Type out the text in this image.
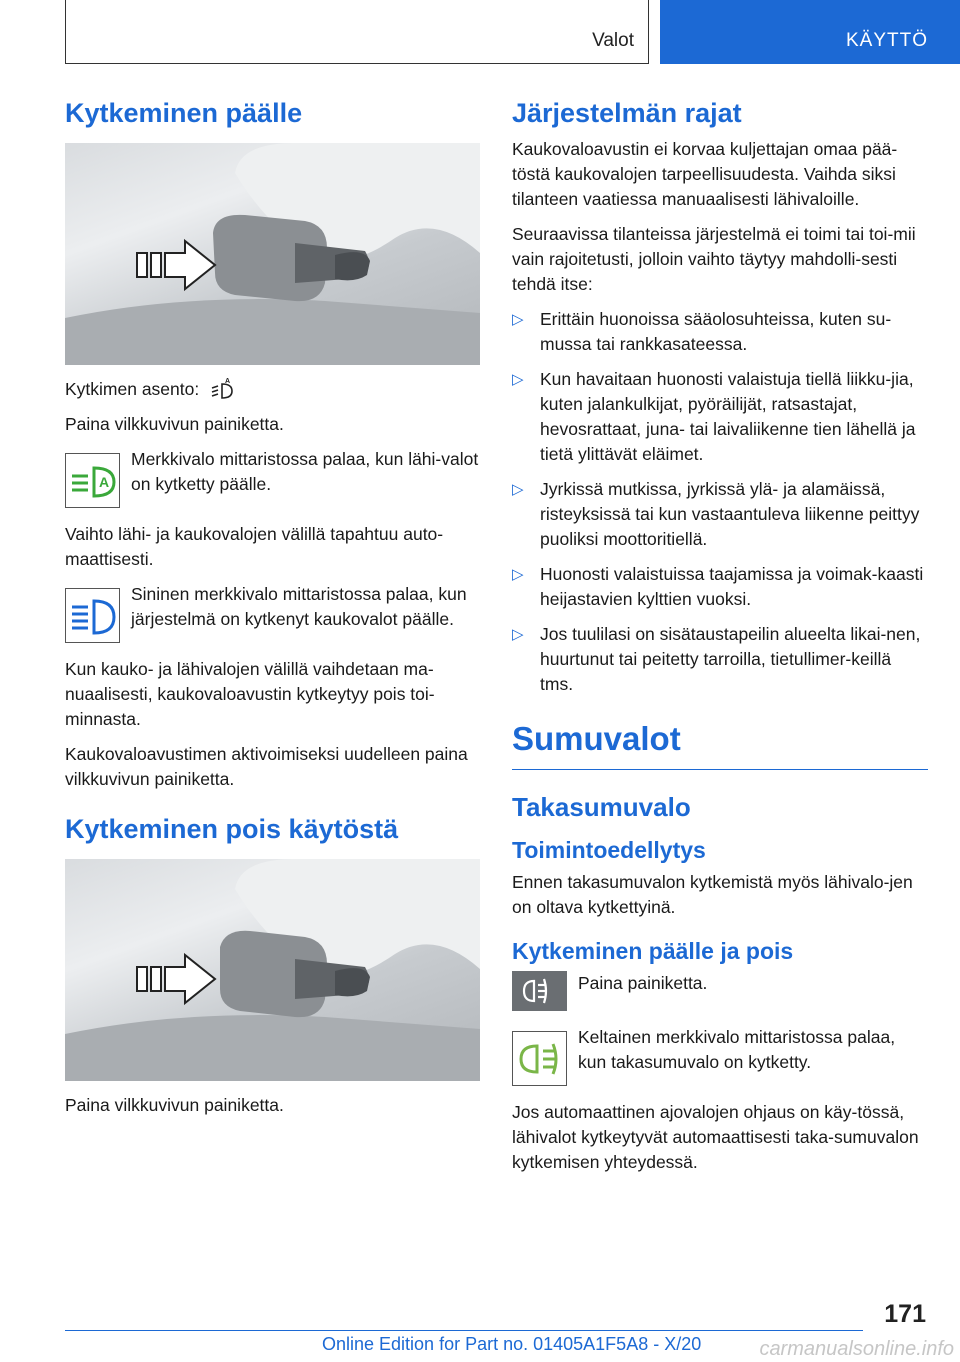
Valot	KÄYTTÖ
Kytkeminen päälle

Kytkimen asento:	A

Paina vilkkuvivun painiketta.

A

Merkkivalo mittaristossa palaa, kun lähi-valot on kytketty päälle.

Vaihto lähi- ja kaukovalojen välillä tapahtuu auto-maattisesti.

Sininen merkkivalo mittaristossa palaa, kun järjestelmä on kytkenyt kaukovalot päälle.

Kun kauko- ja lähivalojen välillä vaihdetaan ma-nuaalisesti, kaukovaloavustin kytkeytyy pois toi-minnasta.

Kaukovaloavustimen aktivoimiseksi uudelleen paina vilkkuvivun painiketta.

Kytkeminen pois käytöstä

Paina vilkkuvivun painiketta.

Järjestelmän rajat

Kaukovaloavustin ei korvaa kuljettajan omaa pää-töstä kaukovalojen tarpeellisuudesta. Vaihda siksi tilanteen vaatiessa manuaalisesti lähivaloille.

Seuraavissa tilanteissa järjestelmä ei toimi tai toi-mii vain rajoitetusti, jolloin vaihto täytyy mahdolli-sesti tehdä itse:

▷ Erittäin huonoissa sääolosuhteissa, kuten su-mussa tai rankkasateessa.
▷ Kun havaitaan huonosti valaistuja tiellä liikku-jia, kuten jalankulkijat, pyöräilijät, ratsastajat, hevosrattaat, juna- tai laivaliikenne tien lähellä ja tietä ylittävät eläimet.
▷ Jyrkissä mutkissa, jyrkissä ylä- ja alamäissä, risteyksissä tai kun vastaantuleva liikenne peittyy puoliksi moottoritiellä.
▷ Huonosti valaistuissa taajamissa ja voimak-kaasti heijastavien kylttien vuoksi.
▷ Jos tuulilasi on sisätaustapeilin alueelta likai-nen, huurtunut tai peitetty tarroilla, tietullimer-keillä tms.
Sumuvalot
Takasumuvalo
Toimintoedellytys

Ennen takasumuvalon kytkemistä myös lähivalo-jen on oltava kytkettyinä.

Kytkeminen päälle ja pois

Paina painiketta.

Keltainen merkkivalo mittaristossa palaa, kun takasumuvalo on kytketty.

Jos automaattinen ajovalojen ohjaus on käy-tössä, lähivalot kytkeytyvät automaattisesti taka-sumuvalon kytkemisen yhteydessä.

171
Online Edition for Part no. 01405A1F5A8 - X/20	carmanualsonline.info
